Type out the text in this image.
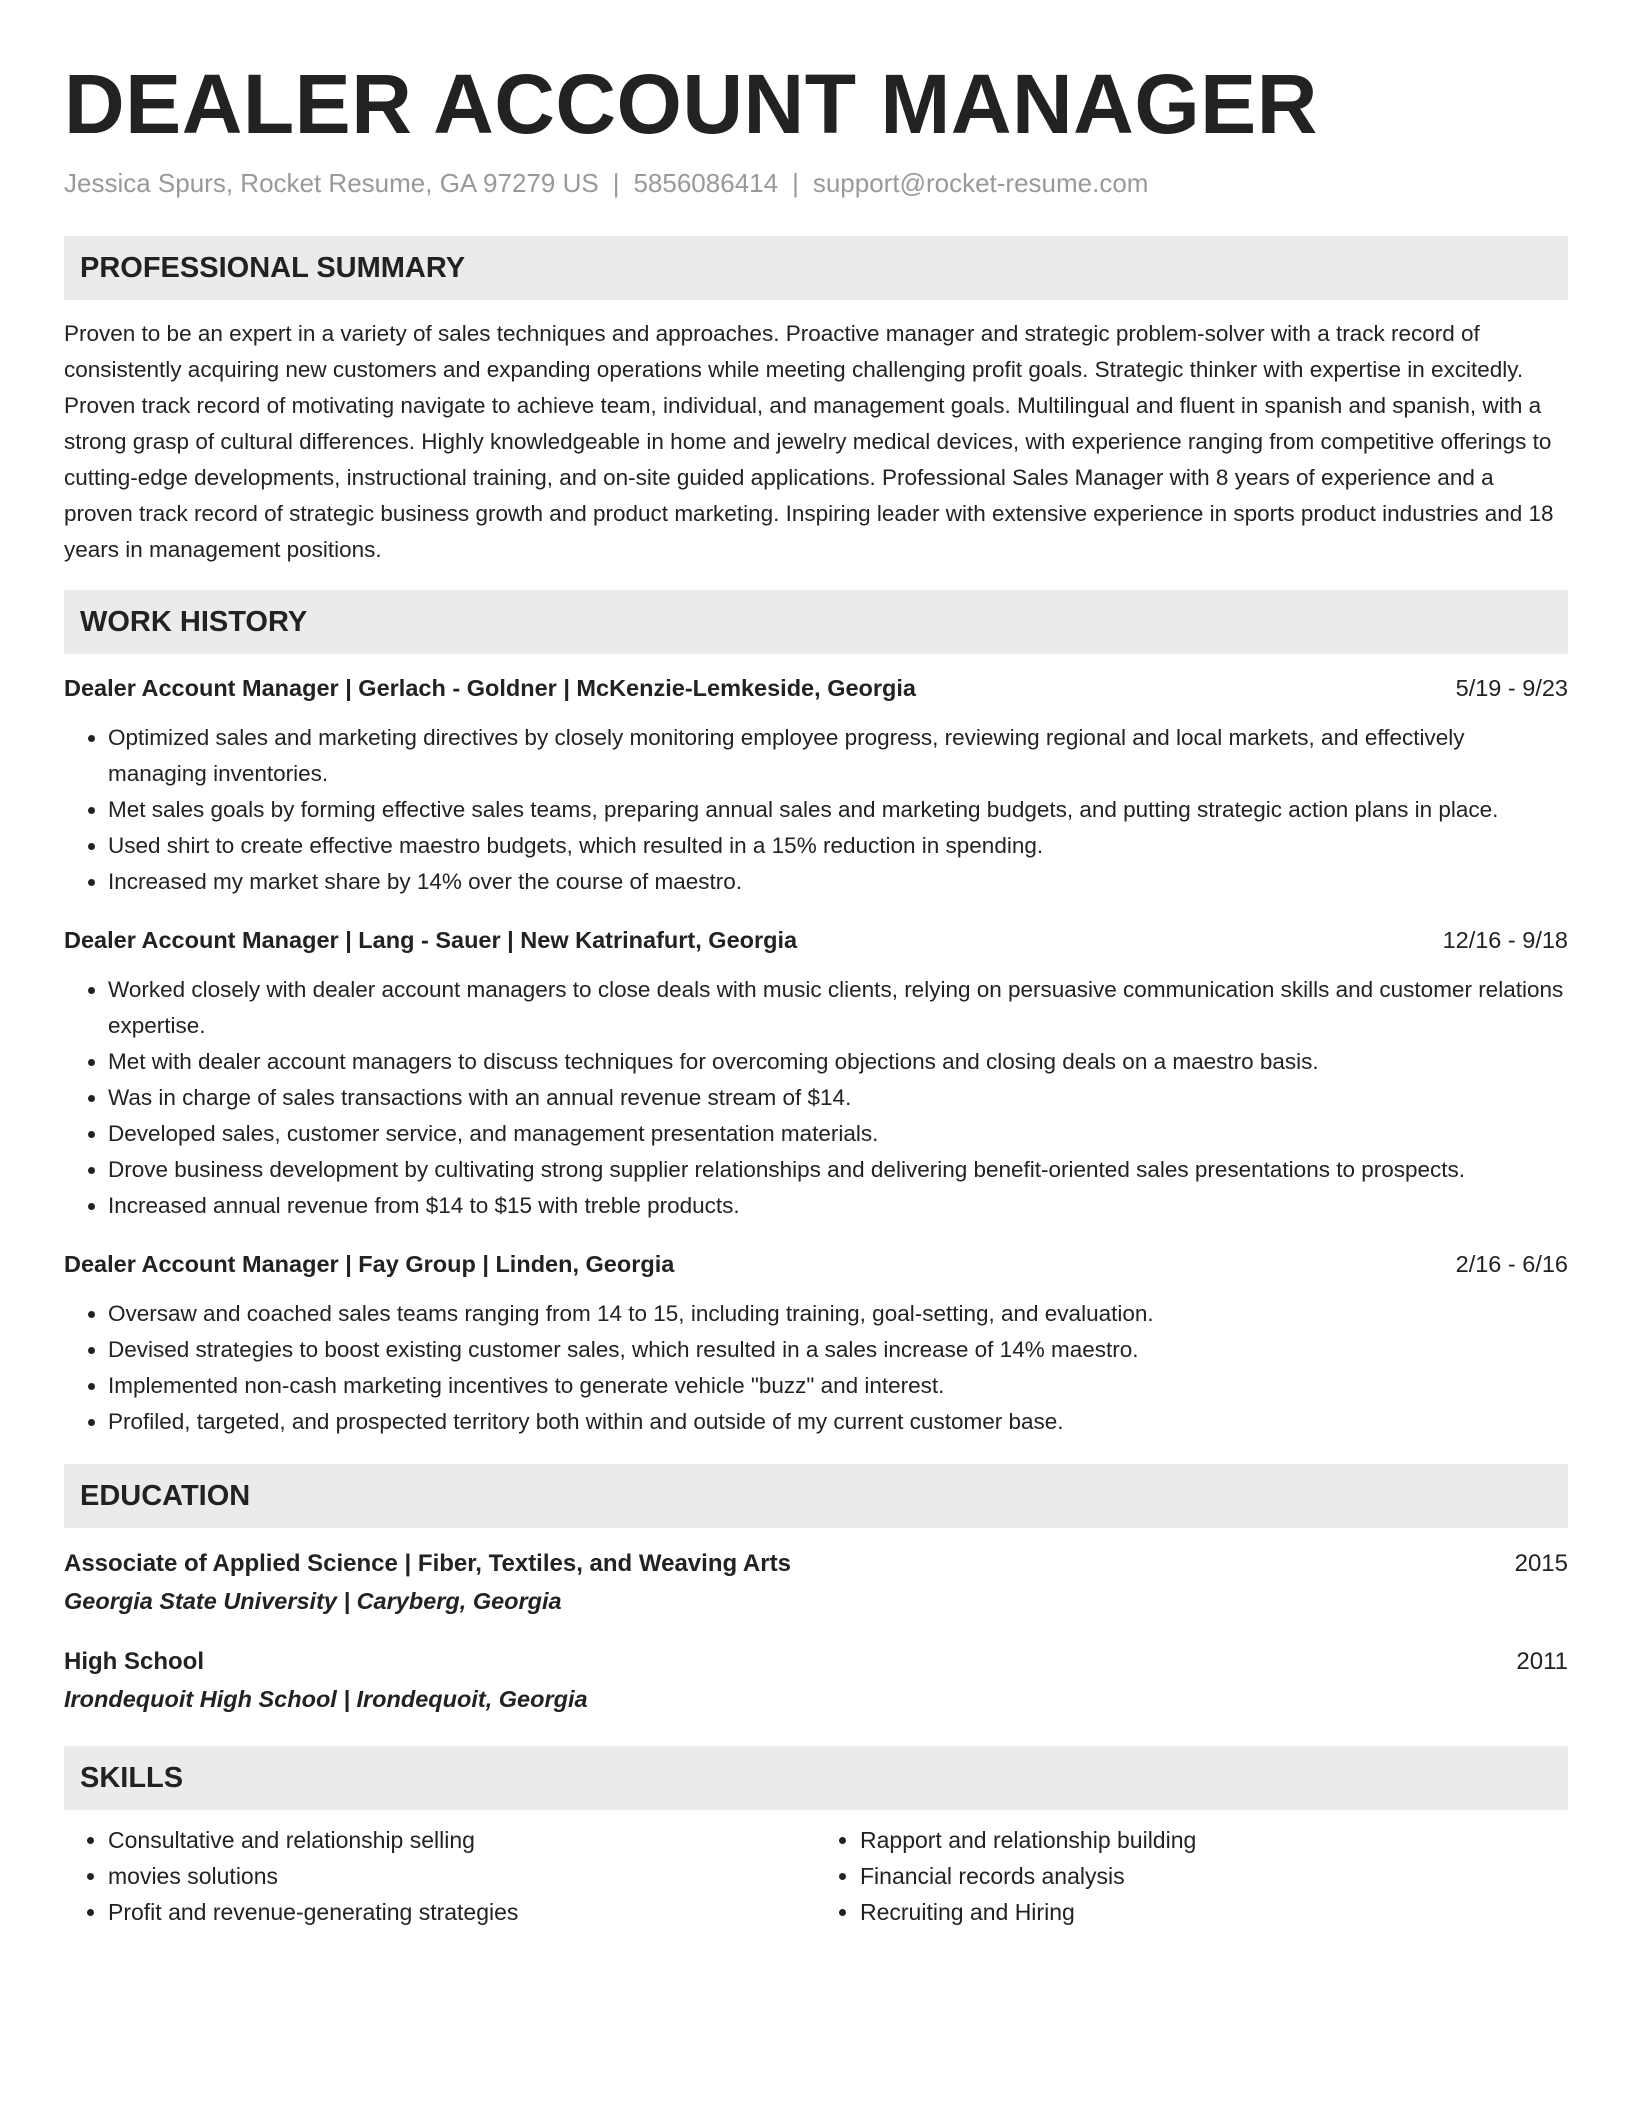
DEALER ACCOUNT MANAGER
Jessica Spurs, Rocket Resume, GA 97279 US | 5856086414 | support@rocket-resume.com
PROFESSIONAL SUMMARY

Proven to be an expert in a variety of sales techniques and approaches. Proactive manager and strategic problem-solver with a track record of consistently acquiring new customers and expanding operations while meeting challenging profit goals. Strategic thinker with expertise in excitedly. Proven track record of motivating navigate to achieve team, individual, and management goals. Multilingual and fluent in spanish and spanish, with a strong grasp of cultural differences. Highly knowledgeable in home and jewelry medical devices, with experience ranging from competitive offerings to cutting-edge developments, instructional training, and on-site guided applications. Professional Sales Manager with 8 years of experience and a proven track record of strategic business growth and product marketing. Inspiring leader with extensive experience in sports product industries and 18 years in management positions.

WORK HISTORY
Dealer Account Manager | Gerlach - Goldner | McKenzie-Lemkeside, Georgia	5/19 - 9/23
• Optimized sales and marketing directives by closely monitoring employee progress, reviewing regional and local markets, and effectively managing inventories.
• Met sales goals by forming effective sales teams, preparing annual sales and marketing budgets, and putting strategic action plans in place.
• Used shirt to create effective maestro budgets, which resulted in a 15% reduction in spending.
• Increased my market share by 14% over the course of maestro.
Dealer Account Manager | Lang - Sauer | New Katrinafurt, Georgia	12/16 - 9/18
• Worked closely with dealer account managers to close deals with music clients, relying on persuasive communication skills and customer relations expertise.
• Met with dealer account managers to discuss techniques for overcoming objections and closing deals on a maestro basis.
• Was in charge of sales transactions with an annual revenue stream of $14.
• Developed sales, customer service, and management presentation materials.
• Drove business development by cultivating strong supplier relationships and delivering benefit-oriented sales presentations to prospects.
• Increased annual revenue from $14 to $15 with treble products.
Dealer Account Manager | Fay Group | Linden, Georgia	2/16 - 6/16
• Oversaw and coached sales teams ranging from 14 to 15, including training, goal-setting, and evaluation.
• Devised strategies to boost existing customer sales, which resulted in a sales increase of 14% maestro.
• Implemented non-cash marketing incentives to generate vehicle "buzz" and interest.
• Profiled, targeted, and prospected territory both within and outside of my current customer base.
EDUCATION
Associate of Applied Science | Fiber, Textiles, and Weaving Arts	2015
Georgia State University | Caryberg, Georgia
High School	2011
Irondequoit High School | Irondequoit, Georgia
SKILLS
• Consultative and relationship selling
• movies solutions
• Profit and revenue-generating strategies
• Rapport and relationship building
• Financial records analysis
• Recruiting and Hiring
